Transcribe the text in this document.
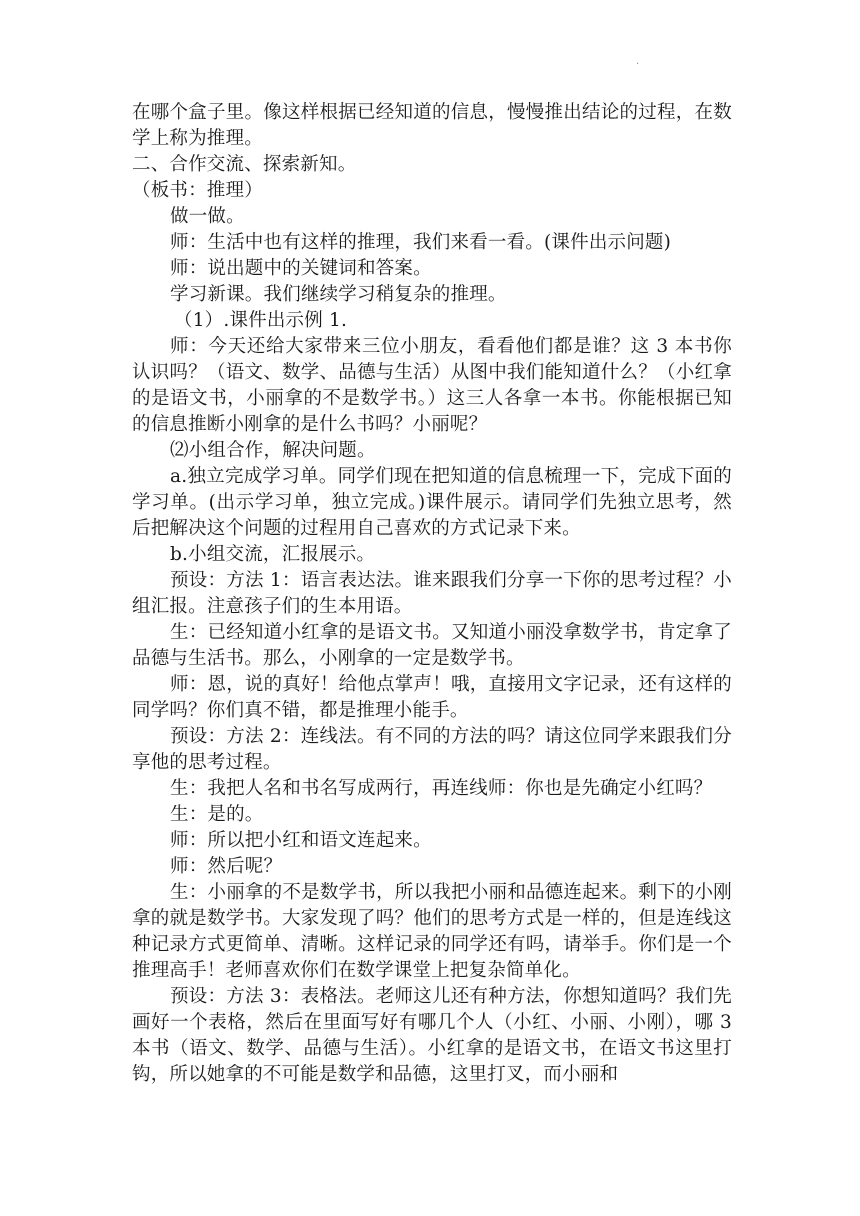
.

在哪个盒子里。像这样根据已经知道的信息，慢慢推出结论的过程，在数学上称为推理。

二、合作交流、探索新知。

（板书：推理）

做一做。

师：生活中也有这样的推理，我们来看一看。(课件出示问题)

师：说出题中的关键词和答案。

学习新课。我们继续学习稍复杂的推理。

（1）.课件出示例 1.

师：今天还给大家带来三位小朋友，看看他们都是谁？这 3 本书你认识吗？（语文、数学、品德与生活）从图中我们能知道什么？（小红拿的是语文书，小丽拿的不是数学书。）这三人各拿一本书。你能根据已知的信息推断小刚拿的是什么书吗？小丽呢？

⑵小组合作，解决问题。

a.独立完成学习单。同学们现在把知道的信息梳理一下，完成下面的学习单。(出示学习单，独立完成。)课件展示。请同学们先独立思考，然后把解决这个问题的过程用自己喜欢的方式记录下来。

b.小组交流，汇报展示。

预设：方法 1：语言表达法。谁来跟我们分享一下你的思考过程？小组汇报。注意孩子们的生本用语。

生：已经知道小红拿的是语文书。又知道小丽没拿数学书，肯定拿了品德与生活书。那么，小刚拿的一定是数学书。

师：恩，说的真好！给他点掌声！哦，直接用文字记录，还有这样的同学吗？你们真不错，都是推理小能手。

预设：方法 2：连线法。有不同的方法的吗？请这位同学来跟我们分享他的思考过程。

生：我把人名和书名写成两行，再连线师：你也是先确定小红吗？

生：是的。

师：所以把小红和语文连起来。

师：然后呢？

生：小丽拿的不是数学书，所以我把小丽和品德连起来。剩下的小刚拿的就是数学书。大家发现了吗？他们的思考方式是一样的，但是连线这种记录方式更简单、清晰。这样记录的同学还有吗，请举手。你们是一个推理高手！老师喜欢你们在数学课堂上把复杂简单化。

预设：方法 3：表格法。老师这儿还有种方法，你想知道吗？我们先画好一个表格，然后在里面写好有哪几个人（小红、小丽、小刚），哪 3 本书（语文、数学、品德与生活）。小红拿的是语文书，在语文书这里打钩，所以她拿的不可能是数学和品德，这里打叉，而小丽和
